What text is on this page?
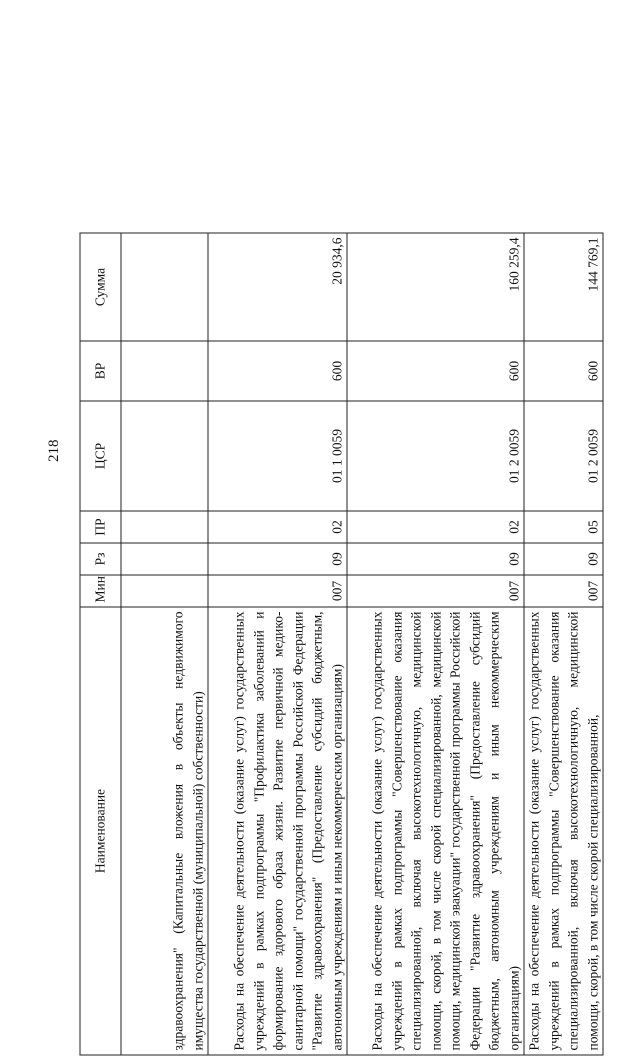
218
Наименование	Мин	Рз	ПР	ЦСР	ВР	Сумма
здравоохранения" (Капитальные вложения в объекты недвижимого имущества государственной (муниципальной) собственности)						
Расходы на обеспечение деятельности (оказание услуг) государственных учреждений в рамках подпрограммы "Профилактика заболеваний и формирование здорового образа жизни. Развитие первичной медико-санитарной помощи" государственной программы Российской Федерации "Развитие здравоохранения" (Предоставление субсидий бюджетным, автономным учреждениям и иным некоммерческим организациям)	007	09	02	01 1 0059	600	20 934,6
Расходы на обеспечение деятельности (оказание услуг) государственных учреждений в рамках подпрограммы "Совершенствование оказания специализированной, включая высокотехнологичную, медицинской помощи, скорой, в том числе скорой специализированной, медицинской помощи, медицинской эвакуации" государственной программы Российской Федерации "Развитие здравоохранения" (Предоставление субсидий бюджетным, автономным учреждениям и иным некоммерческим организациям)	007	09	02	01 2 0059	600	160 259,4
Расходы на обеспечение деятельности (оказание услуг) государственных учреждений в рамках подпрограммы "Совершенствование оказания специализированной, включая высокотехнологичную, медицинской помощи, скорой, в том числе скорой специализированной,	007	09	05	01 2 0059	600	144 769,1
